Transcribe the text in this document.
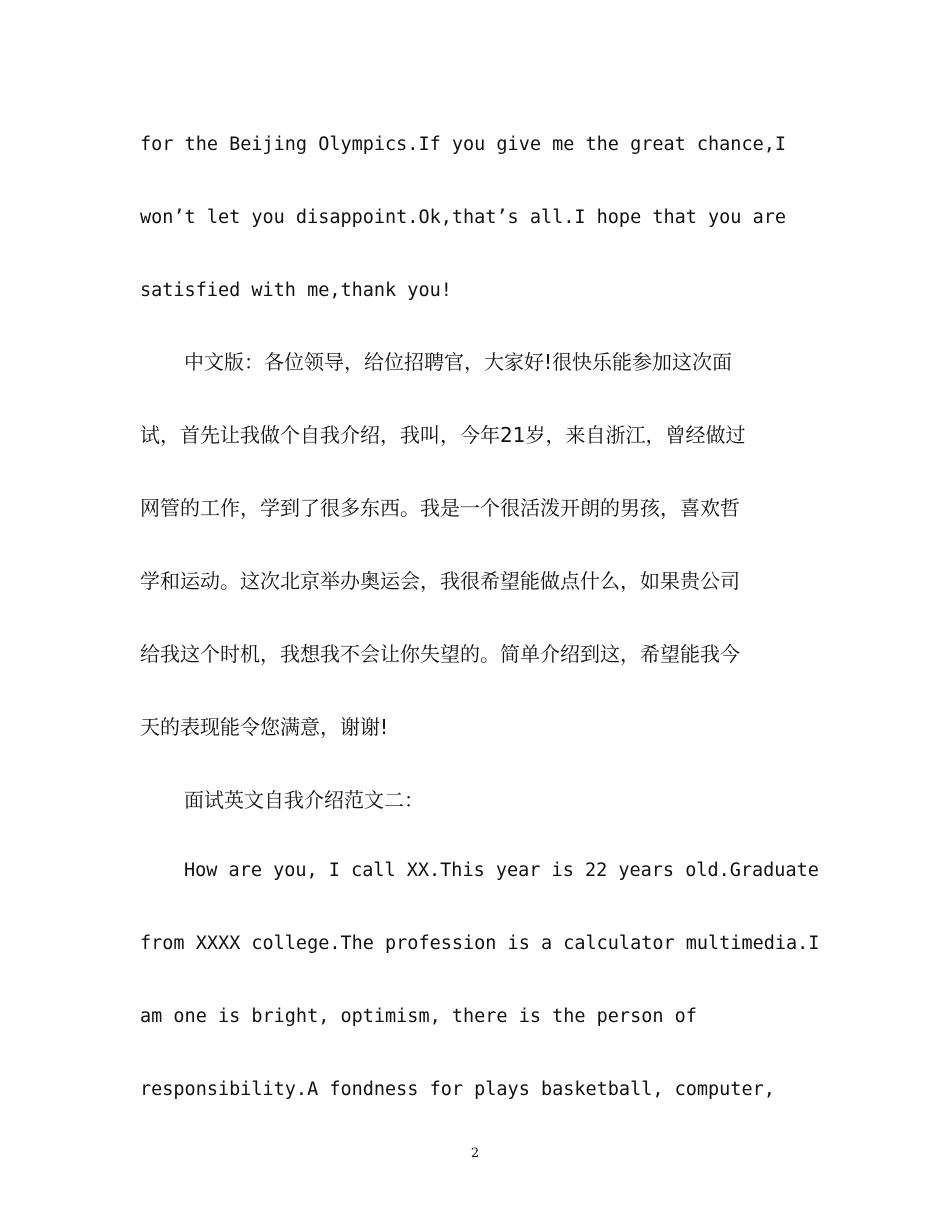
for the Beijing Olympics.If you give me the great chance,I
won’t let you disappoint.Ok,that’s all.I hope that you are
satisfied with me,thank you!
中文版：各位领导，给位招聘官，大家好!很快乐能参加这次面
试，首先让我做个自我介绍，我叫，今年21岁，来自浙江，曾经做过
网管的工作，学到了很多东西。我是一个很活泼开朗的男孩，喜欢哲
学和运动。这次北京举办奥运会，我很希望能做点什么，如果贵公司
给我这个时机，我想我不会让你失望的。简单介绍到这，希望能我今
天的表现能令您满意，谢谢!
面试英文自我介绍范文二：
How are you, I call XX.This year is 22 years old.Graduate
from XXXX college.The profession is a calculator multimedia.I
am one is bright, optimism, there is the person of
responsibility.A fondness for plays basketball, computer,
2
